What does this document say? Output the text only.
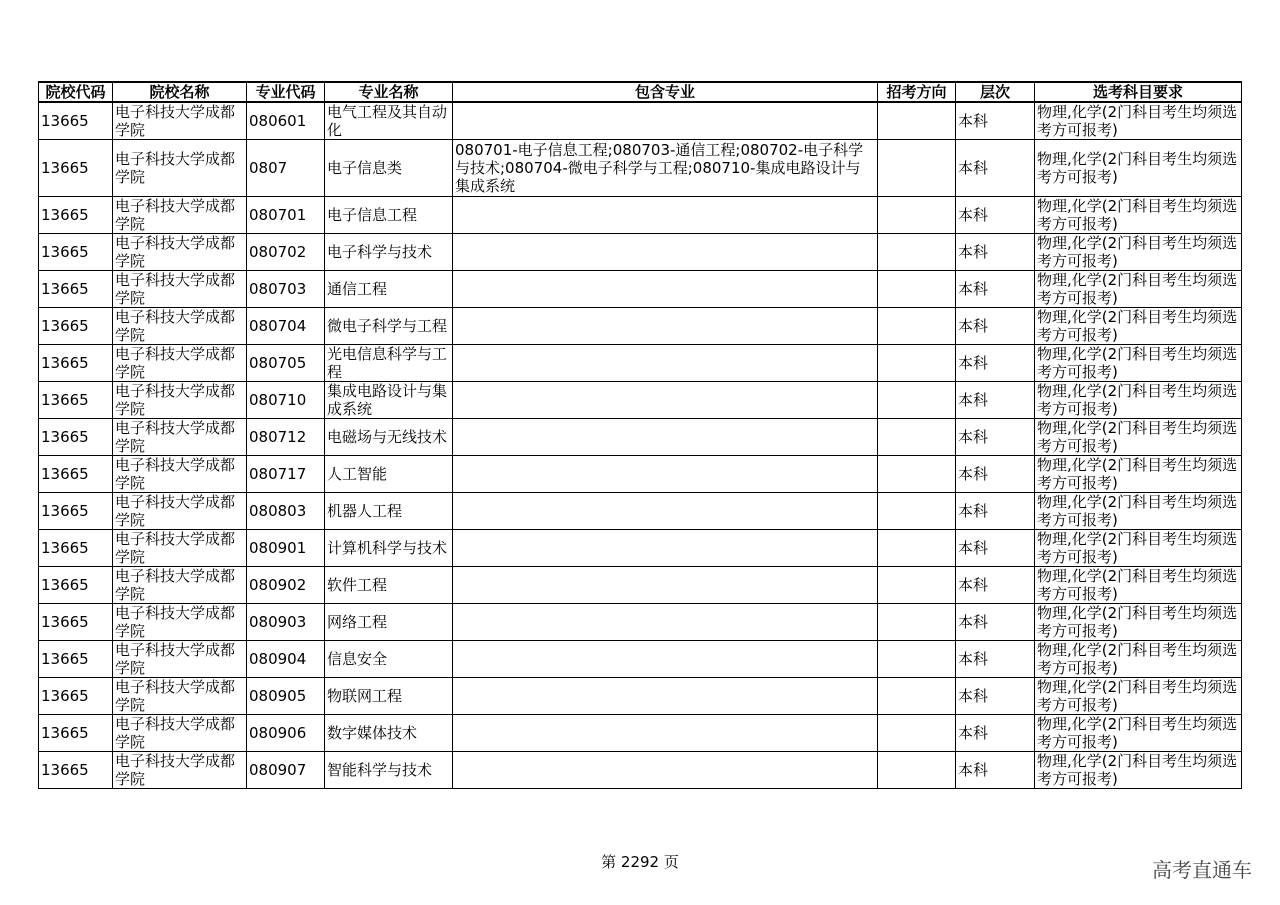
院校代码	院校名称	专业代码	专业名称	包含专业	招考方向	层次	选考科目要求
13665	电子科技大学成都学院	080601	电气工程及其自动化			本科	物理,化学(2门科目考生均须选考方可报考)
13665	电子科技大学成都学院	0807	电子信息类	080701-电子信息工程;080703-通信工程;080702-电子科学与技术;080704-微电子科学与工程;080710-集成电路设计与集成系统		本科	物理,化学(2门科目考生均须选考方可报考)
13665	电子科技大学成都学院	080701	电子信息工程			本科	物理,化学(2门科目考生均须选考方可报考)
13665	电子科技大学成都学院	080702	电子科学与技术			本科	物理,化学(2门科目考生均须选考方可报考)
13665	电子科技大学成都学院	080703	通信工程			本科	物理,化学(2门科目考生均须选考方可报考)
13665	电子科技大学成都学院	080704	微电子科学与工程			本科	物理,化学(2门科目考生均须选考方可报考)
13665	电子科技大学成都学院	080705	光电信息科学与工程			本科	物理,化学(2门科目考生均须选考方可报考)
13665	电子科技大学成都学院	080710	集成电路设计与集成系统			本科	物理,化学(2门科目考生均须选考方可报考)
13665	电子科技大学成都学院	080712	电磁场与无线技术			本科	物理,化学(2门科目考生均须选考方可报考)
13665	电子科技大学成都学院	080717	人工智能			本科	物理,化学(2门科目考生均须选考方可报考)
13665	电子科技大学成都学院	080803	机器人工程			本科	物理,化学(2门科目考生均须选考方可报考)
13665	电子科技大学成都学院	080901	计算机科学与技术			本科	物理,化学(2门科目考生均须选考方可报考)
13665	电子科技大学成都学院	080902	软件工程			本科	物理,化学(2门科目考生均须选考方可报考)
13665	电子科技大学成都学院	080903	网络工程			本科	物理,化学(2门科目考生均须选考方可报考)
13665	电子科技大学成都学院	080904	信息安全			本科	物理,化学(2门科目考生均须选考方可报考)
13665	电子科技大学成都学院	080905	物联网工程			本科	物理,化学(2门科目考生均须选考方可报考)
13665	电子科技大学成都学院	080906	数字媒体技术			本科	物理,化学(2门科目考生均须选考方可报考)
13665	电子科技大学成都学院	080907	智能科学与技术			本科	物理,化学(2门科目考生均须选考方可报考)
第 2292 页	高考直通车
